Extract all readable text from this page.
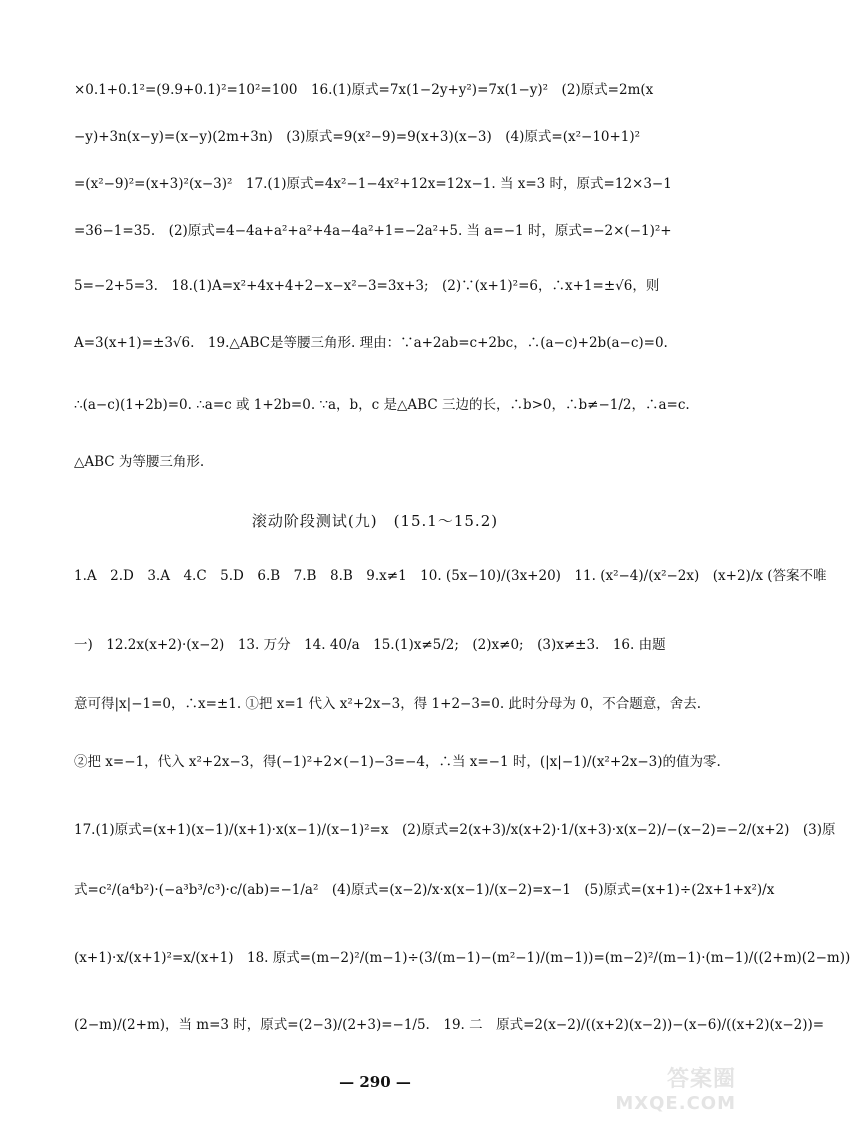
×0.1+0.1²=(9.9+0.1)²=10²=100　16.(1)原式=7x(1−2y+y²)=7x(1−y)²　(2)原式=2m(x
−y)+3n(x−y)=(x−y)(2m+3n)　(3)原式=9(x²−9)=9(x+3)(x−3)　(4)原式=(x²−10+1)²
=(x²−9)²=(x+3)²(x−3)²　17.(1)原式=4x²−1−4x²+12x=12x−1. 当 x=3 时，原式=12×3−1
=36−1=35.　(2)原式=4−4a+a²+a²+4a−4a²+1=−2a²+5. 当 a=−1 时，原式=−2×(−1)²+
5=−2+5=3.　18.(1)A=x²+4x+4+2−x−x²−3=3x+3;　(2)∵(x+1)²=6，∴x+1=±√6，则
A=3(x+1)=±3√6.　19.△ABC是等腰三角形. 理由：∵a+2ab=c+2bc，∴(a−c)+2b(a−c)=0.
∴(a−c)(1+2b)=0. ∴a=c 或 1+2b=0. ∵a，b，c 是△ABC 三边的长，∴b>0，∴b≠−1/2，∴a=c.
△ABC 为等腰三角形.
滚动阶段测试(九)　(15.1～15.2)
1.A　2.D　3.A　4.C　5.D　6.B　7.B　8.B　9.x≠1　10. (5x−10)/(3x+20)　11. (x²−4)/(x²−2x)　(x+2)/x (答案不唯
一)　12.2x(x+2)·(x−2)　13. 万分　14. 40/a　15.(1)x≠5/2;　(2)x≠0;　(3)x≠±3.　16. 由题
意可得|x|−1=0，∴x=±1. ①把 x=1 代入 x²+2x−3，得 1+2−3=0. 此时分母为 0，不合题意，舍去.
②把 x=−1，代入 x²+2x−3，得(−1)²+2×(−1)−3=−4，∴当 x=−1 时，(|x|−1)/(x²+2x−3)的值为零.
17.(1)原式=(x+1)(x−1)/(x+1)·x(x−1)/(x−1)²=x　(2)原式=2(x+3)/x(x+2)·1/(x+3)·x(x−2)/−(x−2)=−2/(x+2)　(3)原
式=c²/(a⁴b²)·(−a³b³/c³)·c/(ab)=−1/a²　(4)原式=(x−2)/x·x(x−1)/(x−2)=x−1　(5)原式=(x+1)÷(2x+1+x²)/x
(x+1)·x/(x+1)²=x/(x+1)　18. 原式=(m−2)²/(m−1)÷(3/(m−1)−(m²−1)/(m−1))=(m−2)²/(m−1)·(m−1)/((2+m)(2−m))
(2−m)/(2+m)，当 m=3 时，原式=(2−3)/(2+3)=−1/5.　19. 二　原式=2(x−2)/((x+2)(x−2))−(x−6)/((x+2)(x−2))=
— 290 —	答案圈
MXQE.COM
